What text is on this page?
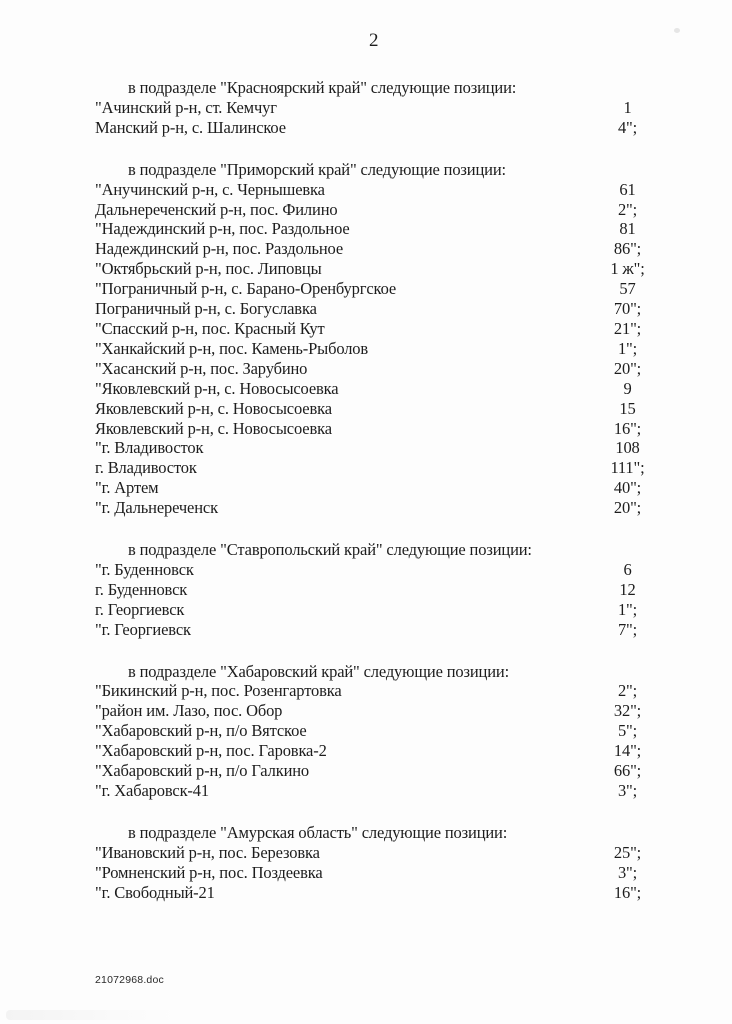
2
в подразделе "Красноярский край" следующие позиции:
"Ачинский р-н, ст. Кемчуг	1
Манский р-н, с. Шалинское	4";
в подразделе "Приморский край" следующие позиции:
"Анучинский р-н, с. Чернышевка	61
Дальнереченский р-н, пос. Филино	2";
"Надеждинский р-н, пос. Раздольное	81
Надеждинский р-н, пос. Раздольное	86";
"Октябрьский р-н, пос. Липовцы	1 ж";
"Пограничный р-н, с. Барано-Оренбургское	57
Пограничный р-н, с. Богуславка	70";
"Спасский р-н, пос. Красный Кут	21";
"Ханкайский р-н, пос. Камень-Рыболов	1";
"Хасанский р-н, пос. Зарубино	20";
"Яковлевский р-н, с. Новосысоевка	9
Яковлевский р-н, с. Новосысоевка	15
Яковлевский р-н, с. Новосысоевка	16";
"г. Владивосток	108
г. Владивосток	111";
"г. Артем	40";
"г. Дальнереченск	20";
в подразделе "Ставропольский край" следующие позиции:
"г. Буденновск	6
г. Буденновск	12
г. Георгиевск	1";
"г. Георгиевск	7";
в подразделе "Хабаровский край" следующие позиции:
"Бикинский р-н, пос. Розенгартовка	2";
"район им. Лазо, пос. Обор	32";
"Хабаровский р-н, п/о Вятское	5";
"Хабаровский р-н, пос. Гаровка-2	14";
"Хабаровский р-н, п/о Галкино	66";
"г. Хабаровск-41	3";
в подразделе "Амурская область" следующие позиции:
"Ивановский р-н, пос. Березовка	25";
"Ромненский р-н, пос. Поздеевка	3";
"г. Свободный-21	16";
21072968.doc
